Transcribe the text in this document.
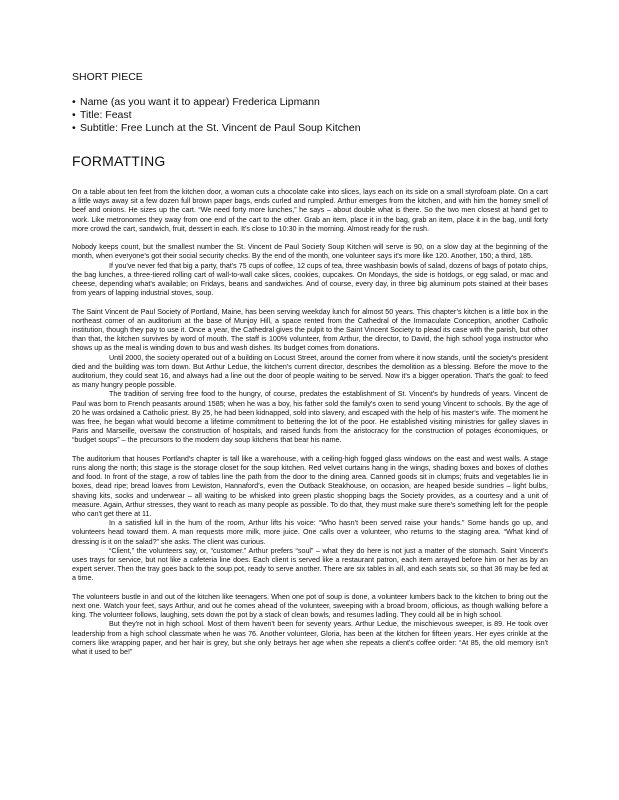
SHORT PIECE
• Name (as you want it to appear) Frederica Lipmann
• Title: Feast
• Subtitle: Free Lunch at the St. Vincent de Paul Soup Kitchen
FORMATTING

On a table about ten feet from the kitchen door, a woman cuts a chocolate cake into slices, lays each on its side on a small styrofoam plate. On a cart a little ways away sit a few dozen full brown paper bags, ends curled and rumpled. Arthur emerges from the kitchen, and with him the homey smell of beef and onions. He sizes up the cart. “We need forty more lunches,” he says – about double what is there. So the two men closest at hand get to work. Like metronomes they sway from one end of the cart to the other. Grab an item, place it in the bag, grab an item, place it in the bag, until forty more crowd the cart, sandwich, fruit, dessert in each. It's close to 10:30 in the morning. Almost ready for the rush.

Nobody keeps count, but the smallest number the St. Vincent de Paul Society Soup Kitchen will serve is 90, on a slow day at the beginning of the month, when everyone’s got their social security checks. By the end of the month, one volunteer says it's more like 120. Another, 150; a third, 185.

If you've never fed that big a party, that's 75 cups of coffee, 12 cups of tea, three washbasin bowls of salad, dozens of bags of potato chips, the bag lunches, a three-tiered rolling cart of wall-to-wall cake slices, cookies, cupcakes. On Mondays, the side is hotdogs, or egg salad, or mac and cheese, depending what’s available; on Fridays, beans and sandwiches. And of course, every day, in three big aluminum pots stained at their bases from years of lapping industrial stoves, soup.

The Saint Vincent de Paul Society of Portland, Maine, has been serving weekday lunch for almost 50 years. This chapter’s kitchen is a little box in the northeast corner of an auditorium at the base of Munjoy Hill, a space rented from the Cathedral of the Immaculate Conception, another Catholic institution, though they pay to use it. Once a year, the Cathedral gives the pulpit to the Saint Vincent Society to plead its case with the parish, but other than that, the kitchen survives by word of mouth. The staff is 100% volunteer, from Arthur, the director, to David, the high school yoga instructor who shows up as the meal is winding down to bus and wash dishes. Its budget comes from donations.

Until 2000, the society operated out of a building on Locust Street, around the corner from where it now stands, until the society's president died and the building was torn down. But Arthur Ledue, the kitchen's current director, describes the demolition as a blessing. Before the move to the auditorium, they could seat 16, and always had a line out the door of people waiting to be served. Now it’s a bigger operation. That's the goal: to feed as many hungry people possible.

The tradition of serving free food to the hungry, of course, predates the establishment of St. Vincent's by hundreds of years. Vincent de Paul was born to French peasants around 1585; when he was a boy, his father sold the family's oxen to send young Vincent to schools. By the age of 20 he was ordained a Catholic priest. By 25, he had been kidnapped, sold into slavery, and escaped with the help of his master's wife. The moment he was free, he began what would become a lifetime commitment to bettering the lot of the poor. He established visiting ministries for galley slaves in Paris and Marseille, oversaw the construction of hospitals, and raised funds from the aristocracy for the construction of potages économiques, or “budget soups” – the precursors to the modern day soup kitchens that bear his name.

The auditorium that houses Portland's chapter is tall like a warehouse, with a ceiling-high fogged glass windows on the east and west walls. A stage runs along the north; this stage is the storage closet for the soup kitchen. Red velvet curtains hang in the wings, shading boxes and boxes of clothes and food. In front of the stage, a row of tables line the path from the door to the dining area. Canned goods sit in clumps; fruits and vegetables lie in boxes, dead ripe; bread loaves from Lewiston, Hannaford's, even the Outback Steakhouse, on occasion, are heaped beside sundries – light bulbs, shaving kits, socks and underwear – all waiting to be whisked into green plastic shopping bags the Society provides, as a courtesy and a unit of measure. Again, Arthur stresses, they want to reach as many people as possible. To do that, they must make sure there's something left for the people who can't get there at 11.

In a satisfied lull in the hum of the room, Arthur lifts his voice: “Who hasn’t been served raise your hands.” Some hands go up, and volunteers head toward them. A man requests more milk, more juice. One calls over a volunteer, who returns to the staging area. “What kind of dressing is it on the salad?” she asks. The client was curious.

“Client,” the volunteers say, or, “customer.” Arthur prefers “soul” – what they do here is not just a matter of the stomach. Saint Vincent's uses trays for service, but not like a cafeteria line does. Each client is served like a restaurant patron, each item arrayed before him or her as by an expert server. Then the tray goes back to the soup pot, ready to serve another. There are six tables in all, and each seats six, so that 36 may be fed at a time.

The volunteers bustle in and out of the kitchen like teenagers. When one pot of soup is done, a volunteer lumbers back to the kitchen to bring out the next one. Watch your feet, says Arthur, and out he comes ahead of the volunteer, sweeping with a broad broom, officious, as though walking before a king. The volunteer follows, laughing, sets down the pot by a stack of clean bowls, and resumes ladling. They could all be in high school.

But they're not in high school. Most of them haven't been for seventy years. Arthur Ledue, the mischievous sweeper, is 89. He took over leadership from a high school classmate when he was 76. Another volunteer, Gloria, has been at the kitchen for fifteen years. Her eyes crinkle at the corners like wrapping paper, and her hair is grey, but she only betrays her age when she repeats a client's coffee order: “At 85, the old memory isn't what it used to be!”
